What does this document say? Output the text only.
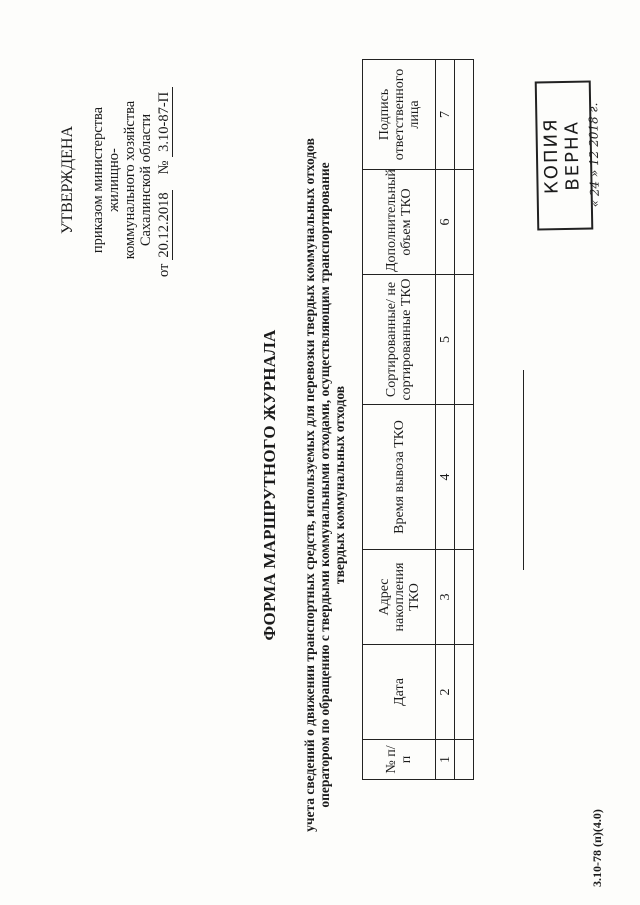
УТВЕРЖДЕНА приказом министерства жилищно- коммунального хозяйства Сахалинской области
от 20.12.2018 № 3.10-87-П
ФОРМА МАРШРУТНОГО ЖУРНАЛА учета сведений о движении транспортных средств, используемых для перевозки твердых коммунальных отходов оператором по обращению с твердыми коммунальными отходами, осуществляющим транспортирование твердых коммунальных отходов
№ п/п	Дата	Адрес накопления ТКО	Время вывоза ТКО	Сортированные/ не сортированные ТКО	Дополнительный объем ТКО	Подпись ответственного лица
1	2	3	4	5	6	7

КОПИЯ ВЕРНА « 24 » 12 2018 г.
3.10-78 (п)(4.0)
